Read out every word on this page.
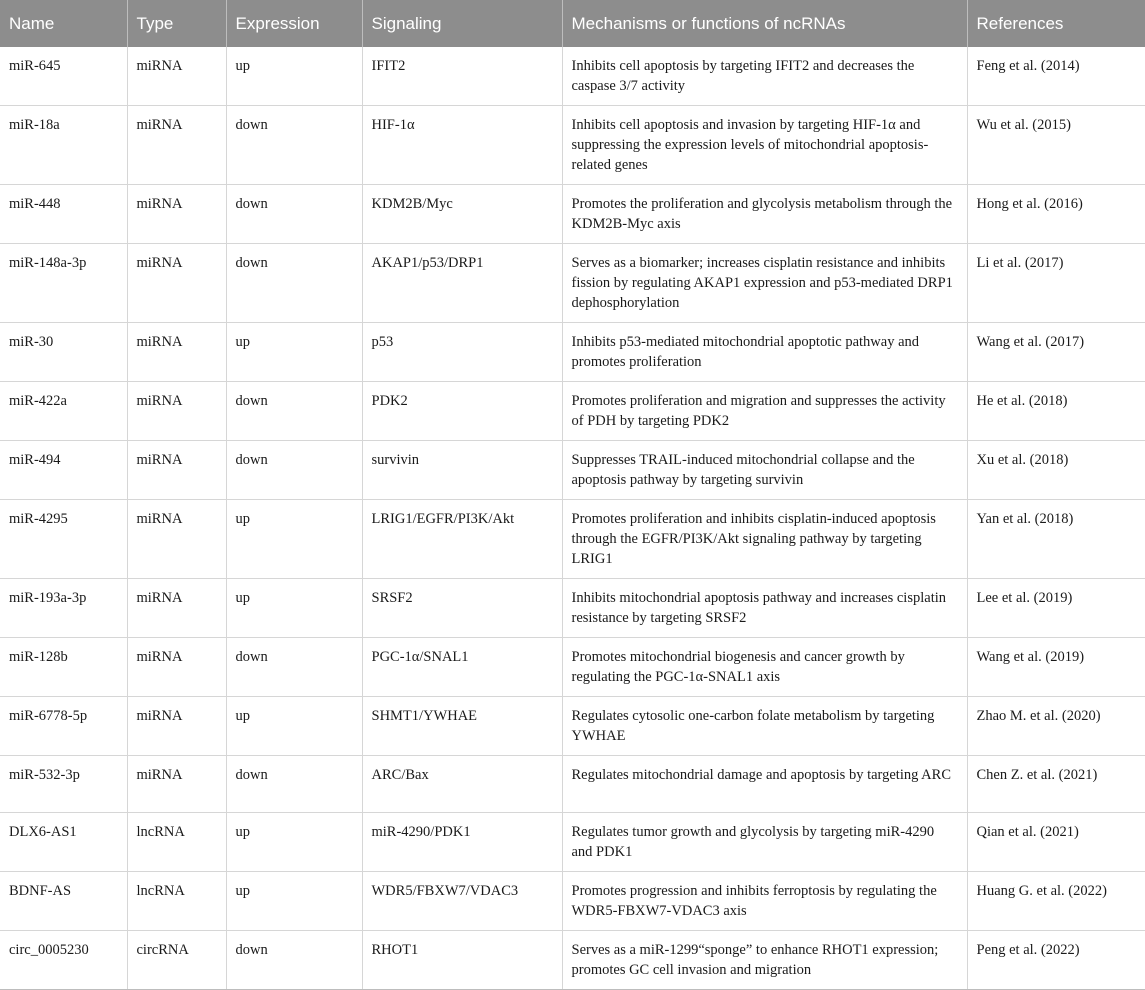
Name	Type	Expression	Signaling	Mechanisms or functions of ncRNAs	References
miR-645	miRNA	up	IFIT2	Inhibits cell apoptosis by targeting IFIT2 and decreases the caspase 3/7 activity	Feng et al. (2014)
miR-18a	miRNA	down	HIF-1α	Inhibits cell apoptosis and invasion by targeting HIF-1α and suppressing the expression levels of mitochondrial apoptosis-related genes	Wu et al. (2015)
miR-448	miRNA	down	KDM2B/Myc	Promotes the proliferation and glycolysis metabolism through the KDM2B-Myc axis	Hong et al. (2016)
miR-148a-3p	miRNA	down	AKAP1/p53/DRP1	Serves as a biomarker; increases cisplatin resistance and inhibits fission by regulating AKAP1 expression and p53-mediated DRP1 dephosphorylation	Li et al. (2017)
miR-30	miRNA	up	p53	Inhibits p53-mediated mitochondrial apoptotic pathway and promotes proliferation	Wang et al. (2017)
miR-422a	miRNA	down	PDK2	Promotes proliferation and migration and suppresses the activity of PDH by targeting PDK2	He et al. (2018)
miR-494	miRNA	down	survivin	Suppresses TRAIL-induced mitochondrial collapse and the apoptosis pathway by targeting survivin	Xu et al. (2018)
miR-4295	miRNA	up	LRIG1/EGFR/PI3K/Akt	Promotes proliferation and inhibits cisplatin-induced apoptosis through the EGFR/PI3K/Akt signaling pathway by targeting LRIG1	Yan et al. (2018)
miR-193a-3p	miRNA	up	SRSF2	Inhibits mitochondrial apoptosis pathway and increases cisplatin resistance by targeting SRSF2	Lee et al. (2019)
miR-128b	miRNA	down	PGC-1α/SNAL1	Promotes mitochondrial biogenesis and cancer growth by regulating the PGC-1α-SNAL1 axis	Wang et al. (2019)
miR-6778-5p	miRNA	up	SHMT1/YWHAE	Regulates cytosolic one-carbon folate metabolism by targeting YWHAE	Zhao M. et al. (2020)
miR-532-3p	miRNA	down	ARC/Bax	Regulates mitochondrial damage and apoptosis by targeting ARC	Chen Z. et al. (2021)
DLX6-AS1	lncRNA	up	miR-4290/PDK1	Regulates tumor growth and glycolysis by targeting miR-4290 and PDK1	Qian et al. (2021)
BDNF-AS	lncRNA	up	WDR5/FBXW7/VDAC3	Promotes progression and inhibits ferroptosis by regulating the WDR5-FBXW7-VDAC3 axis	Huang G. et al. (2022)
circ_0005230	circRNA	down	RHOT1	Serves as a miR-1299“sponge” to enhance RHOT1 expression; promotes GC cell invasion and migration	Peng et al. (2022)
